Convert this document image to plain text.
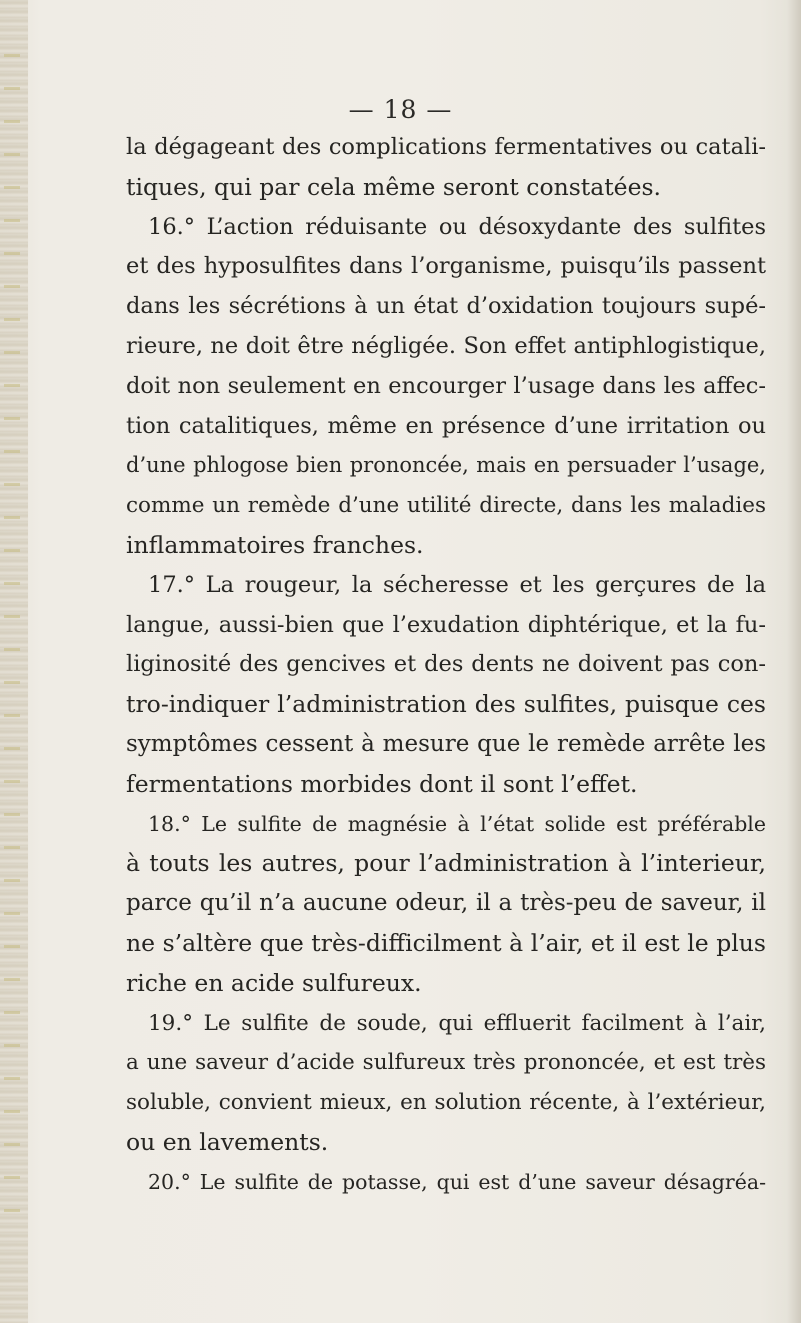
— 18 —
la dégageant des complications fermentatives ou catali-
tiques, qui par cela même seront constatées.
16.° L’action réduisante ou désoxydante des sulfites
et des hyposulfites dans l’organisme, puisqu’ils passent
dans les sécrétions à un état d’oxidation toujours supé-
rieure, ne doit être négligée. Son effet antiphlogistique,
doit non seulement en encourger l’usage dans les affec-
tion catalitiques, même en présence d’une irritation ou
d’une phlogose bien prononcée, mais en persuader l’usage,
comme un remède d’une utilité directe, dans les maladies
inflammatoires franches.
17.° La rougeur, la sécheresse et les gerçures de la
langue, aussi-bien que l’exudation diphtérique, et la fu-
liginosité des gencives et des dents ne doivent pas con-
tro-indiquer l’administration des sulfites, puisque ces
symptômes cessent à mesure que le remède arrête les
fermentations morbides dont il sont l’effet.
18.° Le sulfite de magnésie à l’état solide est préférable
à touts les autres, pour l’administration à l’interieur,
parce qu’il n’a aucune odeur, il a très-peu de saveur, il
ne s’altère que très-difficilment à l’air, et il est le plus
riche en acide sulfureux.
19.° Le sulfite de soude, qui effluerit facilment à l’air,
a une saveur d’acide sulfureux très prononcée, et est très
soluble, convient mieux, en solution récente, à l’extérieur,
ou en lavements.
20.° Le sulfite de potasse, qui est d’une saveur désagréa-
